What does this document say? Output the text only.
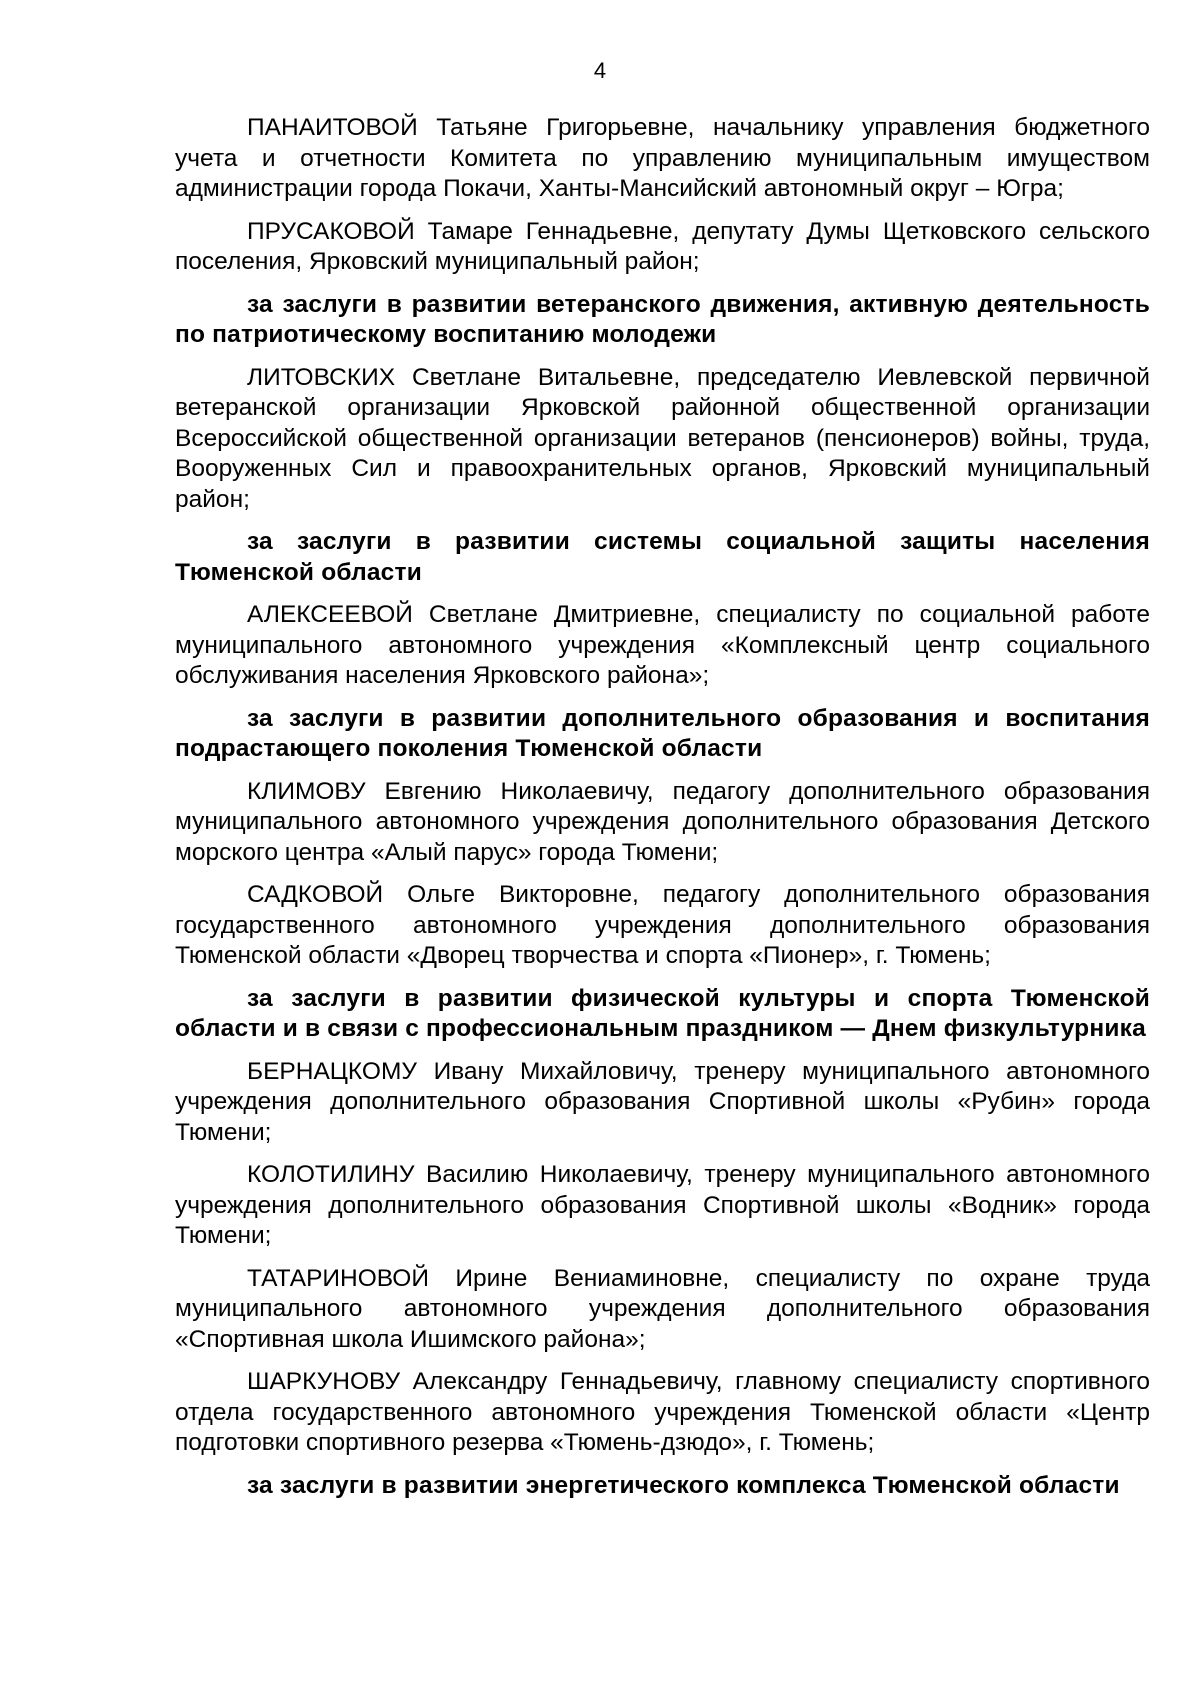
4

ПАНАИТОВОЙ Татьяне Григорьевне, начальнику управления бюджетного учета и отчетности Комитета по управлению муниципальным имуществом администрации города Покачи, Ханты-Мансийский автономный округ – Югра;

ПРУСАКОВОЙ Тамаре Геннадьевне, депутату Думы Щетковского сельского поселения, Ярковский муниципальный район;

за заслуги в развитии ветеранского движения, активную деятельность по патриотическому воспитанию молодежи

ЛИТОВСКИХ Светлане Витальевне, председателю Иевлевской первичной ветеранской организации Ярковской районной общественной организации Всероссийской общественной организации ветеранов (пенсионеров) войны, труда, Вооруженных Сил и правоохранительных органов, Ярковский муниципальный район;

за заслуги в развитии системы социальной защиты населения Тюменской области

АЛЕКСЕЕВОЙ Светлане Дмитриевне, специалисту по социальной работе муниципального автономного учреждения «Комплексный центр социального обслуживания населения Ярковского района»;

за заслуги в развитии дополнительного образования и воспитания подрастающего поколения Тюменской области

КЛИМОВУ Евгению Николаевичу, педагогу дополнительного образования муниципального автономного учреждения дополнительного образования Детского морского центра «Алый парус» города Тюмени;

САДКОВОЙ Ольге Викторовне, педагогу дополнительного образования государственного автономного учреждения дополнительного образования Тюменской области «Дворец творчества и спорта «Пионер», г. Тюмень;

за заслуги в развитии физической культуры и спорта Тюменской области и в связи с профессиональным праздником — Днем физкультурника

БЕРНАЦКОМУ Ивану Михайловичу, тренеру муниципального автономного учреждения дополнительного образования Спортивной школы «Рубин» города Тюмени;

КОЛОТИЛИНУ Василию Николаевичу, тренеру муниципального автономного учреждения дополнительного образования Спортивной школы «Водник» города Тюмени;

ТАТАРИНОВОЙ Ирине Вениаминовне, специалисту по охране труда муниципального автономного учреждения дополнительного образования «Спортивная школа Ишимского района»;

ШАРКУНОВУ Александру Геннадьевичу, главному специалисту спортивного отдела государственного автономного учреждения Тюменской области «Центр подготовки спортивного резерва «Тюмень-дзюдо», г. Тюмень;

за заслуги в развитии энергетического комплекса Тюменской области
